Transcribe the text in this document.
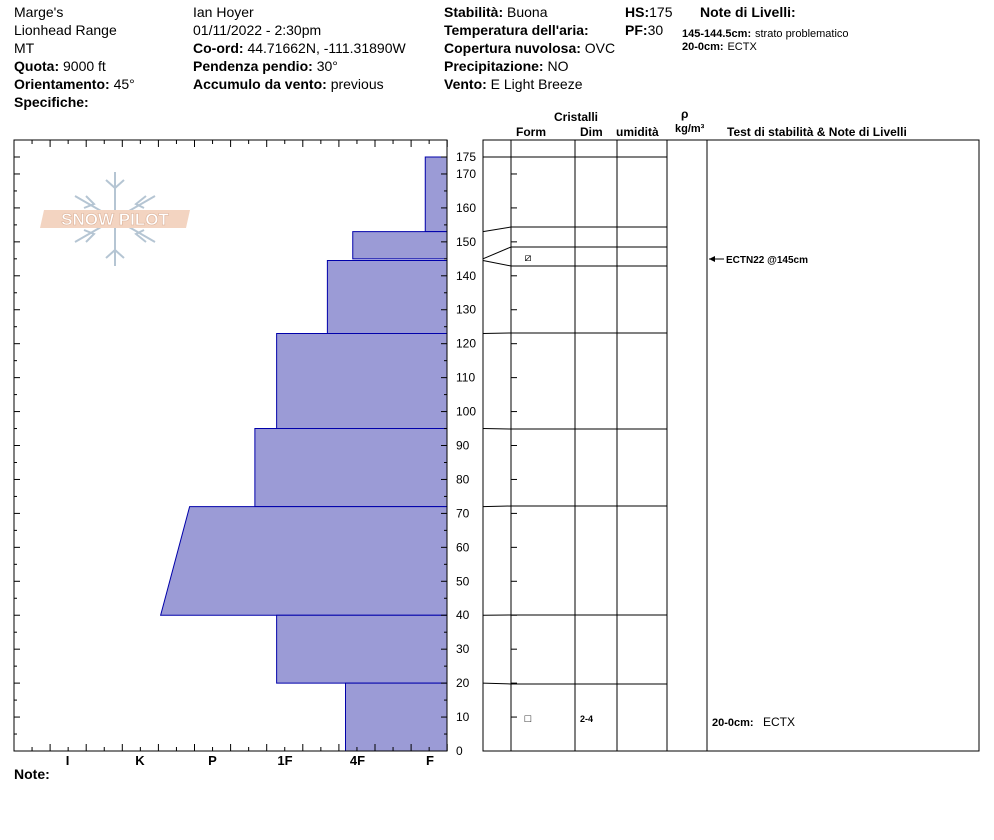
Marge's
Lionhead Range
MT
Quota: 9000 ft
Orientamento: 45°
Specifiche:
Ian Hoyer
01/11/2022 - 2:30pm
Co-ord: 44.71662N, -111.31890W
Pendenza pendio: 30°
Accumulo da vento: previous
Stabilità: Buona
Temperatura dell'aria:
Copertura nuvolosa: OVC
Precipitazione: NO
Vento: E Light Breeze
HS:175
PF:30
Note di Livelli:
145-144.5cm: strato problematico
20-0cm: ECTX
Cristalli
Form	Dim umidità
ρ
kg/m³ Test di stabilità & Note di Livelli
SNOW PILOT
0
10
20
30
40
50
60
70
80
90
100
110
120
130
140
150
160
170
175
I	K	P	1F	4F	F
⧄
□	2-4
ECTN22 @145cm
20-0cm: ECTX
Note:
